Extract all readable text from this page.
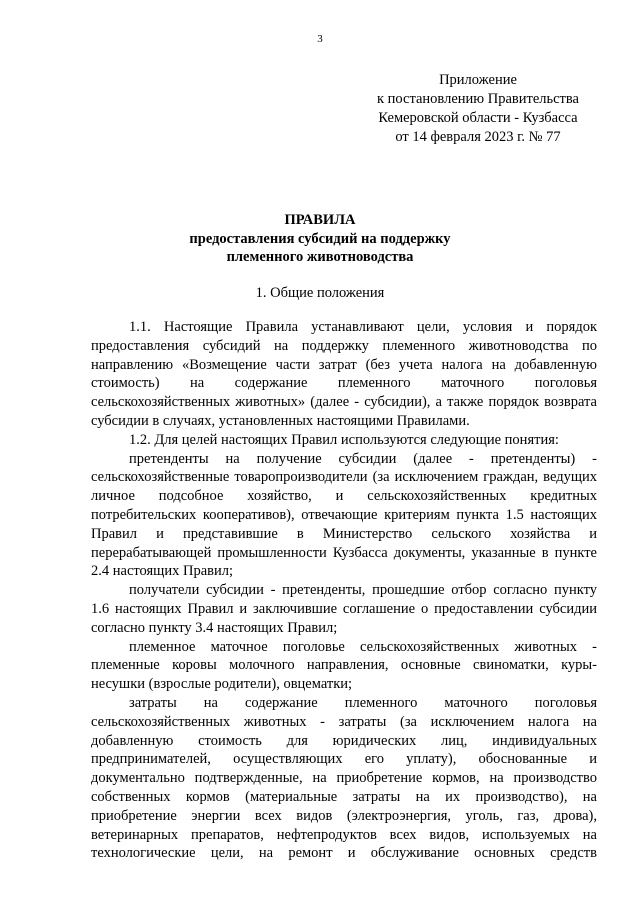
3
Приложение
к постановлению Правительства
Кемеровской области - Кузбасса
от 14 февраля 2023 г. № 77
ПРАВИЛА
предоставления субсидий на поддержку
племенного животноводства
1. Общие положения

1.1. Настоящие Правила устанавливают цели, условия и порядок предоставления субсидий на поддержку племенного животноводства по направлению «Возмещение части затрат (без учета налога на добавленную стоимость) на содержание племенного маточного поголовья сельскохозяйственных животных» (далее - субсидии), а также порядок возврата субсидии в случаях, установленных настоящими Правилами.

1.2. Для целей настоящих Правил используются следующие понятия:

претенденты на получение субсидии (далее - претенденты) - сельскохозяйственные товаропроизводители (за исключением граждан, ведущих личное подсобное хозяйство, и сельскохозяйственных кредитных потребительских кооперативов), отвечающие критериям пункта 1.5 настоящих Правил и представившие в Министерство сельского хозяйства и перерабатывающей промышленности Кузбасса документы, указанные в пункте 2.4 настоящих Правил;

получатели субсидии - претенденты, прошедшие отбор согласно пункту 1.6 настоящих Правил и заключившие соглашение о предоставлении субсидии согласно пункту 3.4 настоящих Правил;

племенное маточное поголовье сельскохозяйственных животных - племенные коровы молочного направления, основные свиноматки, куры-несушки (взрослые родители), овцематки;

затраты на содержание племенного маточного поголовья сельскохозяйственных животных - затраты (за исключением налога на добавленную стоимость для юридических лиц, индивидуальных предпринимателей, осуществляющих его уплату), обоснованные и документально подтвержденные, на приобретение кормов, на производство собственных кормов (материальные затраты на их производство), на приобретение энергии всех видов (электроэнергия, уголь, газ, дрова), ветеринарных препаратов, нефтепродуктов всех видов, используемых на технологические цели, на ремонт и обслуживание основных средств
